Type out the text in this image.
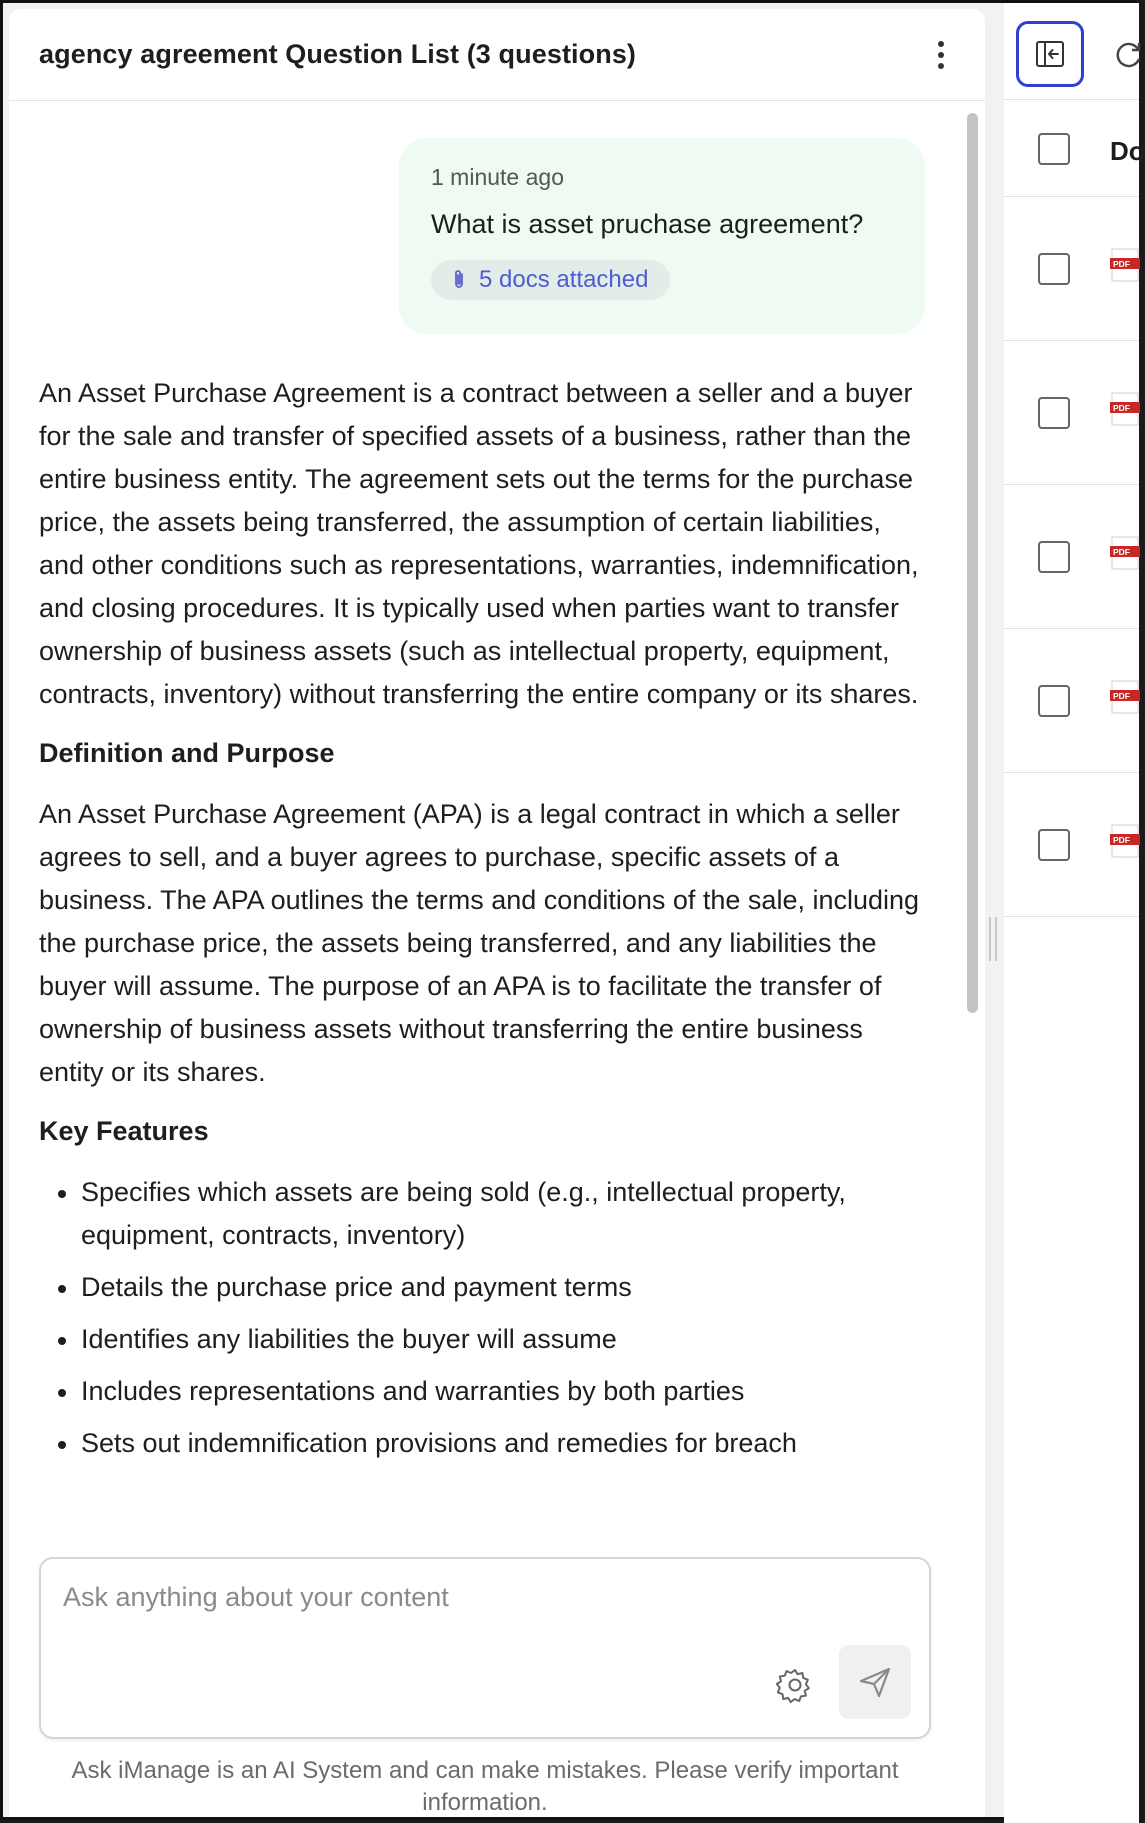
agency agreement Question List (3 questions)
1 minute ago
What is asset pruchase agreement?
5 docs attached

An Asset Purchase Agreement is a contract between a seller and a buyer for the sale and transfer of specified assets of a business, rather than the entire business entity. The agreement sets out the terms for the purchase price, the assets being transferred, the assumption of certain liabilities, and other conditions such as representations, warranties, indemnification, and closing procedures. It is typically used when parties want to transfer ownership of business assets (such as intellectual property, equipment, contracts, inventory) without transferring the entire company or its shares.

Definition and Purpose

An Asset Purchase Agreement (APA) is a legal contract in which a seller agrees to sell, and a buyer agrees to purchase, specific assets of a business. The APA outlines the terms and conditions of the sale, including the purchase price, the assets being transferred, and any liabilities the buyer will assume. The purpose of an APA is to facilitate the transfer of ownership of business assets without transferring the entire business entity or its shares.

Key Features
Specifies which assets are being sold (e.g., intellectual property, equipment, contracts, inventory)
Details the purchase price and payment terms
Identifies any liabilities the buyer will assume
Includes representations and warranties by both parties
Sets out indemnification provisions and remedies for breach
Ask anything about your content
Ask iManage is an AI System and can make mistakes. Please verify important information.
Do
PDF
PDF
PDF
PDF
PDF
